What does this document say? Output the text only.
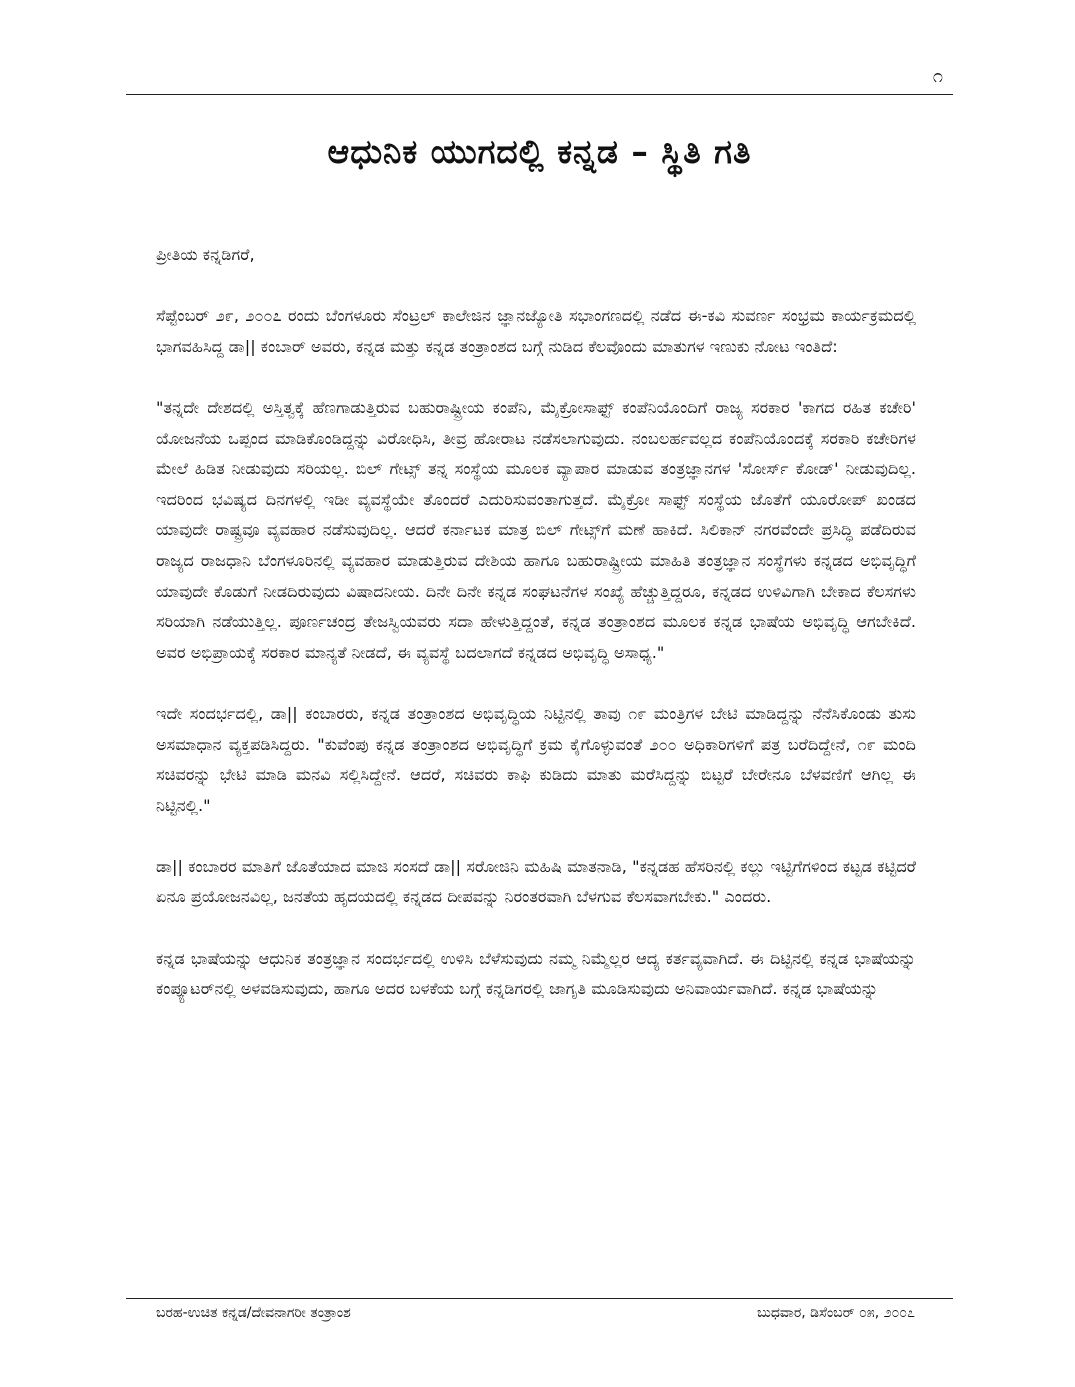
೧
ಆಧುನಿಕ ಯುಗದಲ್ಲಿ ಕನ್ನಡ – ಸ್ಥಿತಿ ಗತಿ

ಪ್ರೀತಿಯ ಕನ್ನಡಿಗರೆ,

ಸೆಪ್ಟೆಂಬರ್ ೨೯, ೨೦೦೭ ರಂದು ಬೆಂಗಳೂರು ಸೆಂಟ್ರಲ್ ಕಾಲೇಜಿನ ಜ್ಞಾನಜ್ಯೋತಿ ಸಭಾಂಗಣದಲ್ಲಿ ನಡೆದ ಈ-ಕವಿ ಸುವರ್ಣ ಸಂಭ್ರಮ ಕಾರ್ಯಕ್ರಮದಲ್ಲಿ ಭಾಗವಹಿಸಿದ್ದ ಡಾ|| ಕಂಬಾರ್ ಅವರು, ಕನ್ನಡ ಮತ್ತು ಕನ್ನಡ ತಂತ್ರಾಂಶದ ಬಗ್ಗೆ ನುಡಿದ ಕೆಲವೊಂದು ಮಾತುಗಳ ಇಣುಕು ನೋಟ ಇಂತಿದೆ:

"ತನ್ನದೇ ದೇಶದಲ್ಲಿ ಅಸ್ತಿತ್ವಕ್ಕೆ ಹೆಣಗಾಡುತ್ತಿರುವ ಬಹುರಾಷ್ಟ್ರೀಯ ಕಂಪೆನಿ, ಮೈಕ್ರೋಸಾಫ್ಟ್ ಕಂಪೆನಿಯೊಂದಿಗೆ ರಾಜ್ಯ ಸರಕಾರ 'ಕಾಗದ ರಹಿತ ಕಚೇರಿ' ಯೋಜನೆಯ ಒಪ್ಪಂದ ಮಾಡಿಕೊಂಡಿದ್ದನ್ನು ವಿರೋಧಿಸಿ, ತೀವ್ರ ಹೋರಾಟ ನಡೆಸಲಾಗುವುದು. ನಂಬಲರ್ಹವಲ್ಲದ ಕಂಪೆನಿಯೊಂದಕ್ಕೆ ಸರಕಾರಿ ಕಚೇರಿಗಳ ಮೇಲೆ ಹಿಡಿತ ನೀಡುವುದು ಸರಿಯಲ್ಲ. ಬಿಲ್ ಗೇಟ್ಸ್ ತನ್ನ ಸಂಸ್ಥೆಯ ಮೂಲಕ ವ್ಯಾಪಾರ ಮಾಡುವ ತಂತ್ರಜ್ಞಾನಗಳ 'ಸೋರ್ಸ್ ಕೋಡ್' ನೀಡುವುದಿಲ್ಲ. ಇದರಿಂದ ಭವಿಷ್ಯದ ದಿನಗಳಲ್ಲಿ ಇಡೀ ವ್ಯವಸ್ಥೆಯೇ ತೊಂದರೆ ಎದುರಿಸುವಂತಾಗುತ್ತದೆ. ಮೈಕ್ರೋ ಸಾಫ್ಟ್ ಸಂಸ್ಥೆಯ ಜೊತೆಗೆ ಯೂರೋಪ್ ಖಂಡದ ಯಾವುದೇ ರಾಷ್ಟ್ರವೂ ವ್ಯವಹಾರ ನಡೆಸುವುದಿಲ್ಲ. ಆದರೆ ಕರ್ನಾಟಕ ಮಾತ್ರ ಬಿಲ್ ಗೇಟ್ಸ್‌ಗೆ ಮಣೆ ಹಾಕಿದೆ. ಸಿಲಿಕಾನ್ ನಗರವೆಂದೇ ಪ್ರಸಿದ್ಧಿ ಪಡೆದಿರುವ ರಾಜ್ಯದ ರಾಜಧಾನಿ ಬೆಂಗಳೂರಿನಲ್ಲಿ ವ್ಯವಹಾರ ಮಾಡುತ್ತಿರುವ ದೇಶಿಯ ಹಾಗೂ ಬಹುರಾಷ್ಟ್ರೀಯ ಮಾಹಿತಿ ತಂತ್ರಜ್ಞಾನ ಸಂಸ್ಥೆಗಳು ಕನ್ನಡದ ಅಭಿವೃದ್ಧಿಗೆ ಯಾವುದೇ ಕೊಡುಗೆ ನೀಡದಿರುವುದು ವಿಷಾದನೀಯ. ದಿನೇ ದಿನೇ ಕನ್ನಡ ಸಂಘಟನೆಗಳ ಸಂಖ್ಯೆ ಹೆಚ್ಚುತ್ತಿದ್ದರೂ, ಕನ್ನಡದ ಉಳಿವಿಗಾಗಿ ಬೇಕಾದ ಕೆಲಸಗಳು ಸರಿಯಾಗಿ ನಡೆಯುತ್ತಿಲ್ಲ. ಪೂರ್ಣಚಂದ್ರ ತೇಜಸ್ವಿಯವರು ಸದಾ ಹೇಳುತ್ತಿದ್ದಂತೆ, ಕನ್ನಡ ತಂತ್ರಾಂಶದ ಮೂಲಕ ಕನ್ನಡ ಭಾಷೆಯ ಅಭಿವೃದ್ಧಿ ಆಗಬೇಕಿದೆ. ಅವರ ಅಭಿಪ್ರಾಯಕ್ಕೆ ಸರಕಾರ ಮಾನ್ಯತೆ ನೀಡದೆ, ಈ ವ್ಯವಸ್ಥೆ ಬದಲಾಗದೆ ಕನ್ನಡದ ಅಭಿವೃದ್ಧಿ ಅಸಾಧ್ಯ."

ಇದೇ ಸಂದರ್ಭದಲ್ಲಿ, ಡಾ|| ಕಂಬಾರರು, ಕನ್ನಡ ತಂತ್ರಾಂಶದ ಅಭಿವೃದ್ಧಿಯ ನಿಟ್ಟಿನಲ್ಲಿ ತಾವು ೧೯ ಮಂತ್ರಿಗಳ ಬೇಟಿ ಮಾಡಿದ್ದನ್ನು ನೆನೆಸಿಕೊಂಡು ತುಸು ಅಸಮಾಧಾನ ವ್ಯಕ್ತಪಡಿಸಿದ್ದರು. "ಕುವೆಂಪು ಕನ್ನಡ ತಂತ್ರಾಂಶದ ಅಭಿವೃದ್ಧಿಗೆ ಕ್ರಮ ಕೈಗೊಳ್ಳುವಂತೆ ೨೦೦ ಅಧಿಕಾರಿಗಳಿಗೆ ಪತ್ರ ಬರೆದಿದ್ದೇನೆ, ೧೯ ಮಂದಿ ಸಚಿವರನ್ನು ಭೇಟಿ ಮಾಡಿ ಮನವಿ ಸಲ್ಲಿಸಿದ್ದೇನೆ. ಆದರೆ, ಸಚಿವರು ಕಾಫಿ ಕುಡಿದು ಮಾತು ಮರೆಸಿದ್ದನ್ನು ಬಿಟ್ಟರೆ ಬೇರೇನೂ ಬೆಳವಣಿಗೆ ಆಗಿಲ್ಲ ಈ ನಿಟ್ಟಿನಲ್ಲಿ."

ಡಾ|| ಕಂಬಾರರ ಮಾತಿಗೆ ಜೊತೆಯಾದ ಮಾಜಿ ಸಂಸದೆ ಡಾ|| ಸರೋಜಿನಿ ಮಹಿಷಿ ಮಾತನಾಡಿ, "ಕನ್ನಡಹ ಹೆಸರಿನಲ್ಲಿ ಕಲ್ಲು ಇಟ್ಟಿಗೆಗಳಿಂದ ಕಟ್ಟಡ ಕಟ್ಟಿದರೆ ಏನೂ ಪ್ರಯೋಜನವಿಲ್ಲ, ಜನತೆಯ ಹೃದಯದಲ್ಲಿ ಕನ್ನಡದ ದೀಪವನ್ನು ನಿರಂತರವಾಗಿ ಬೆಳಗುವ ಕೆಲಸವಾಗಬೇಕು." ಎಂದರು.

ಕನ್ನಡ ಭಾಷೆಯನ್ನು ಆಧುನಿಕ ತಂತ್ರಜ್ಞಾನ ಸಂದರ್ಭದಲ್ಲಿ ಉಳಿಸಿ ಬೆಳೆಸುವುದು ನಮ್ಮ ನಿಮ್ಮೆಲ್ಲರ ಆದ್ಯ ಕರ್ತವ್ಯವಾಗಿದೆ. ಈ ದಿಟ್ಟಿನಲ್ಲಿ ಕನ್ನಡ ಭಾಷೆಯನ್ನು ಕಂಪ್ಯೂಟರ್‌ನಲ್ಲಿ ಅಳವಡಿಸುವುದು, ಹಾಗೂ ಅದರ ಬಳಕೆಯ ಬಗ್ಗೆ ಕನ್ನಡಿಗರಲ್ಲಿ ಜಾಗೃತಿ ಮೂಡಿಸುವುದು ಅನಿವಾರ್ಯವಾಗಿದೆ. ಕನ್ನಡ ಭಾಷೆಯನ್ನು

ಬರಹ-ಉಚಿತ ಕನ್ನಡ/ದೇವನಾಗರೀ ತಂತ್ರಾಂಶ	ಬುಧವಾರ, ಡಿಸೆಂಬರ್ ೦೫, ೨೦೦೭
